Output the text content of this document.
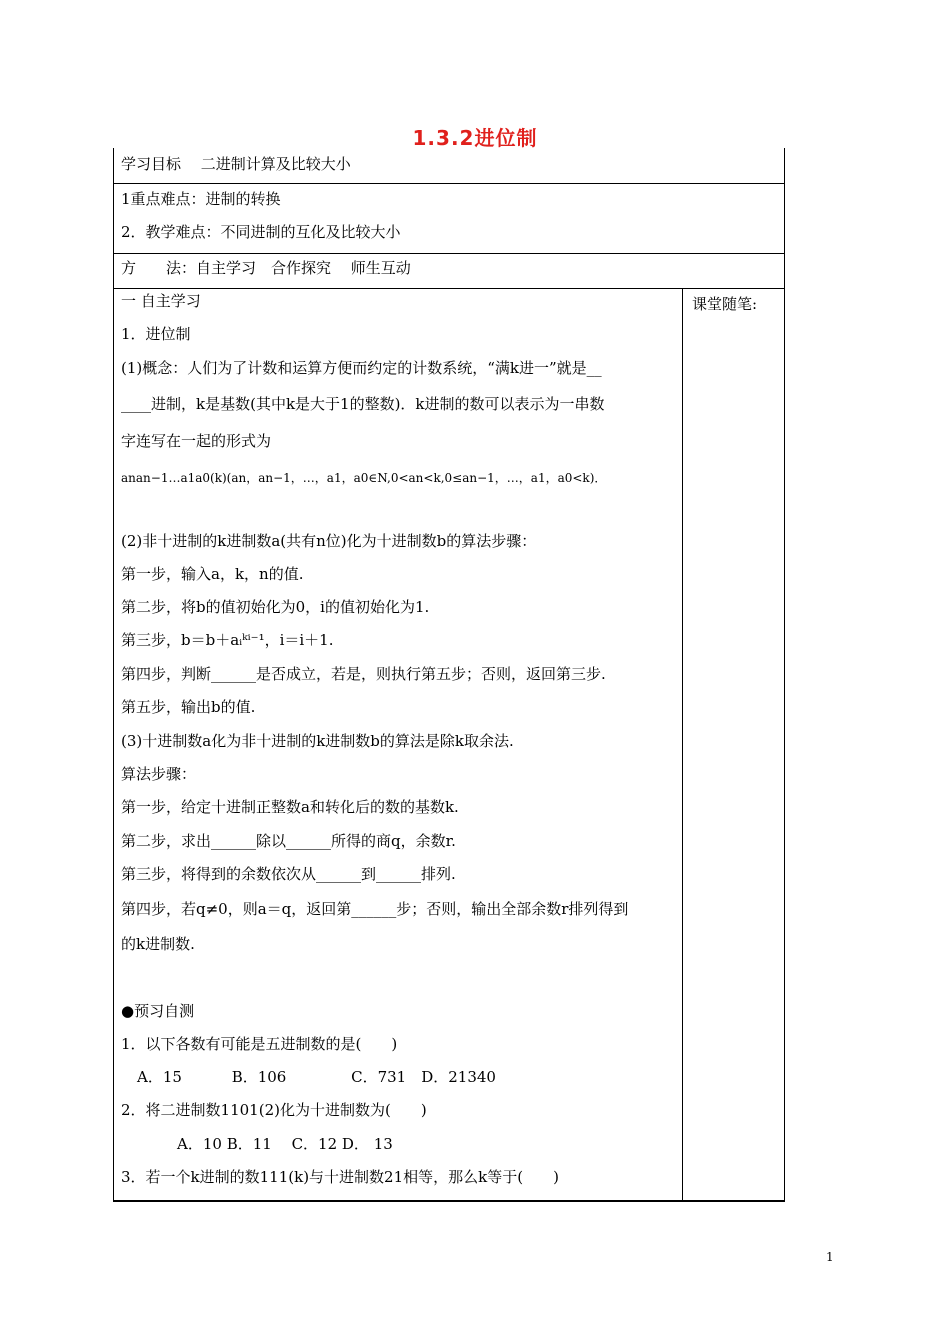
1.3.2进位制
学习目标　 二进制计算及比较大小
1重点难点：进制的转换
2．教学难点：不同进制的互化及比较大小
方　　法：自主学习　合作探究　 师生互动
课堂随笔:
一 自主学习
1．进位制
(1)概念：人们为了计数和运算方便而约定的计数系统，“满k进一”就是__
____进制，k是基数(其中k是大于1的整数)．k进制的数可以表示为一串数
字连写在一起的形式为
anan−1…a1a0(k)(an，an−1，…，a1，a0∈N,0<an<k,0≤an−1，…，a1，a0<k)．
(2)非十进制的k进制数a(共有n位)化为十进制数b的算法步骤：
第一步，输入a，k，n的值.
第二步，将b的值初始化为0，i的值初始化为1.
第三步，b＝b＋aᵢᵏⁱ⁻¹，i＝i＋1.
第四步，判断______是否成立，若是，则执行第五步；否则，返回第三步.
第五步，输出b的值.
(3)十进制数a化为非十进制的k进制数b的算法是除k取余法.
算法步骤：
第一步，给定十进制正整数a和转化后的数的基数k.
第二步，求出______除以______所得的商q，余数r.
第三步，将得到的余数依次从______到______排列.
第四步，若q≠0，则a＝q，返回第______步；否则，输出全部余数r排列得到
的k进制数.
●预习自测
1．以下各数有可能是五进制数的是(　　)
A．15　　　 B．106　　　　 C．731　D．21340
2．将二进制数1101(2)化为十进制数为(　　)
A．10 B．11　 C．12 D． 13
3．若一个k进制的数111(k)与十进制数21相等，那么k等于(　　)
1
